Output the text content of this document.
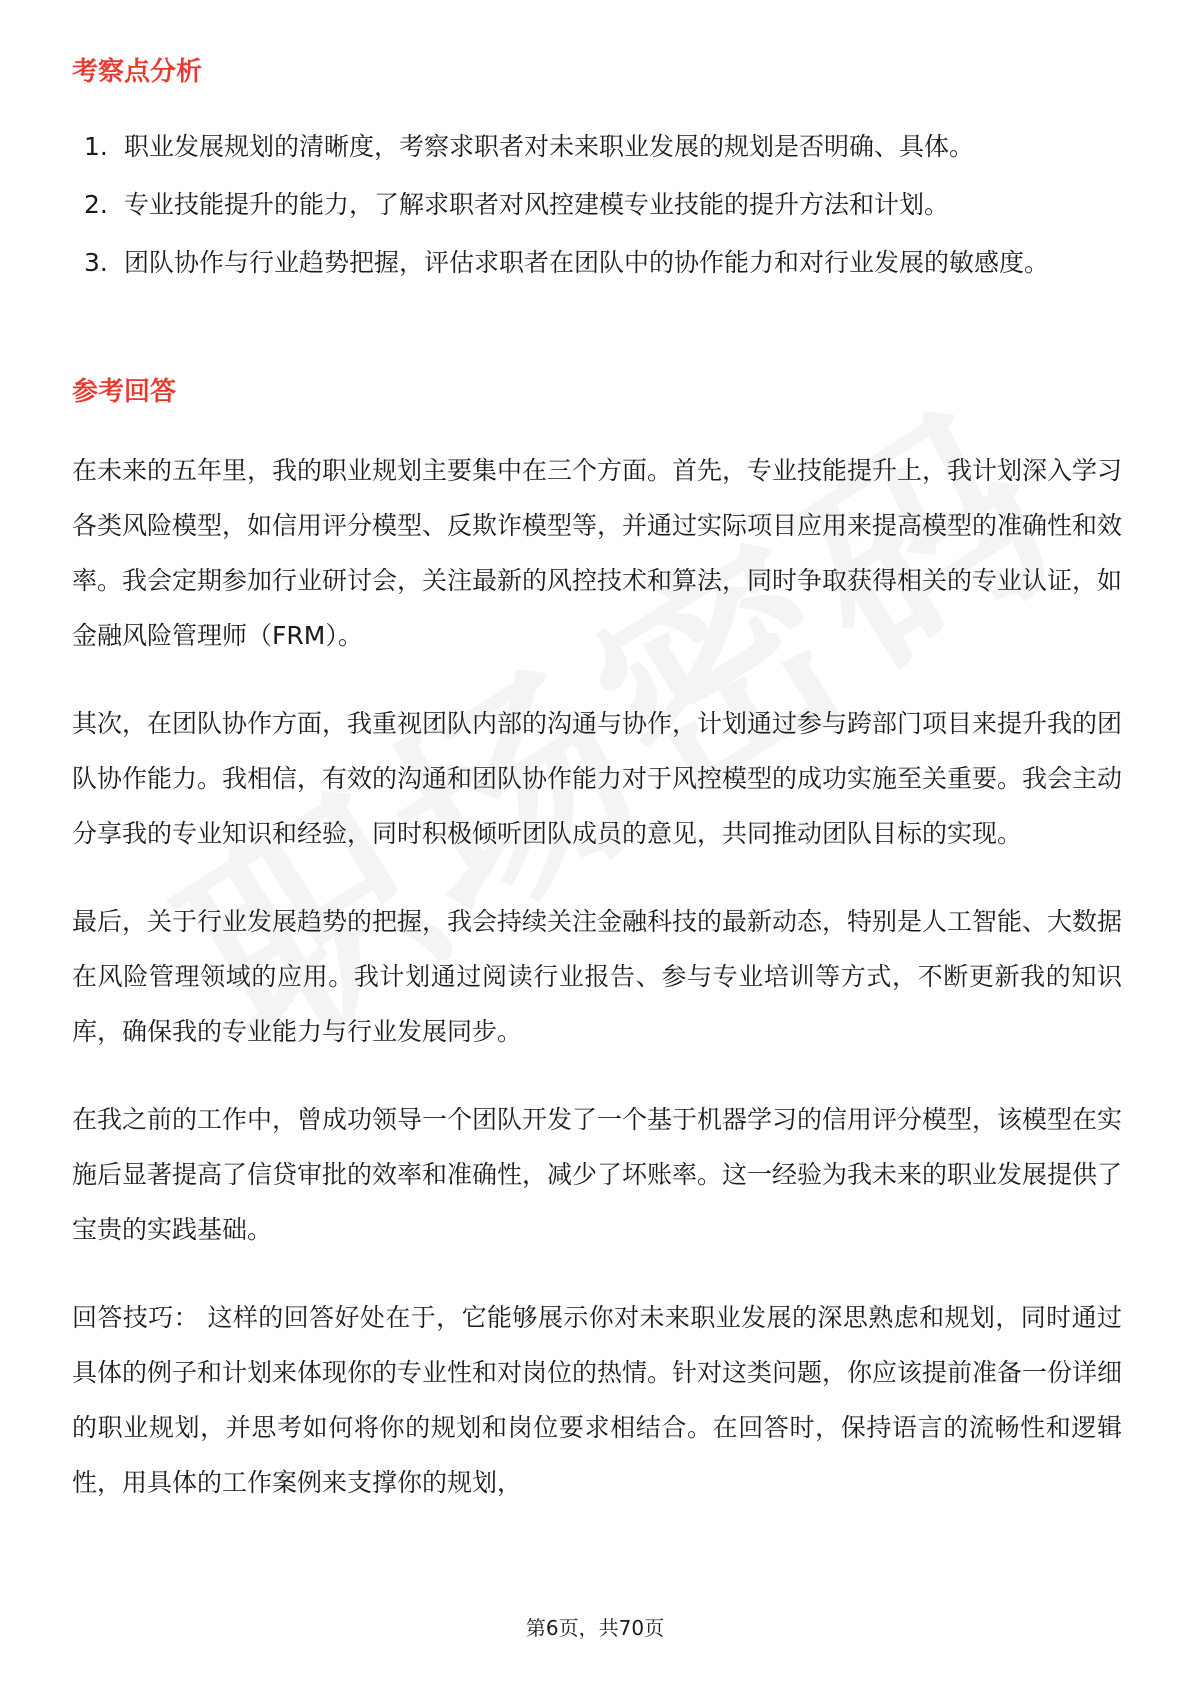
考察点分析
1. 职业发展规划的清晰度，考察求职者对未来职业发展的规划是否明确、具体。
2. 专业技能提升的能力，了解求职者对风控建模专业技能的提升方法和计划。
3. 团队协作与行业趋势把握，评估求职者在团队中的协作能力和对行业发展的敏感度。
参考回答

在未来的五年里，我的职业规划主要集中在三个方面。首先，专业技能提升上，我计划深入学习各类风险模型，如信用评分模型、反欺诈模型等，并通过实际项目应用来提高模型的准确性和效率。我会定期参加行业研讨会，关注最新的风控技术和算法，同时争取获得相关的专业认证，如金融风险管理师（FRM）。

其次，在团队协作方面，我重视团队内部的沟通与协作，计划通过参与跨部门项目来提升我的团队协作能力。我相信，有效的沟通和团队协作能力对于风控模型的成功实施至关重要。我会主动分享我的专业知识和经验，同时积极倾听团队成员的意见，共同推动团队目标的实现。

最后，关于行业发展趋势的把握，我会持续关注金融科技的最新动态，特别是人工智能、大数据在风险管理领域的应用。我计划通过阅读行业报告、参与专业培训等方式，不断更新我的知识库，确保我的专业能力与行业发展同步。

在我之前的工作中，曾成功领导一个团队开发了一个基于机器学习的信用评分模型，该模型在实施后显著提高了信贷审批的效率和准确性，减少了坏账率。这一经验为我未来的职业发展提供了宝贵的实践基础。

回答技巧： 这样的回答好处在于，它能够展示你对未来职业发展的深思熟虑和规划，同时通过具体的例子和计划来体现你的专业性和对岗位的热情。针对这类问题，你应该提前准备一份详细的职业规划，并思考如何将你的规划和岗位要求相结合。在回答时，保持语言的流畅性和逻辑性，用具体的工作案例来支撑你的规划，

第6页，共70页
